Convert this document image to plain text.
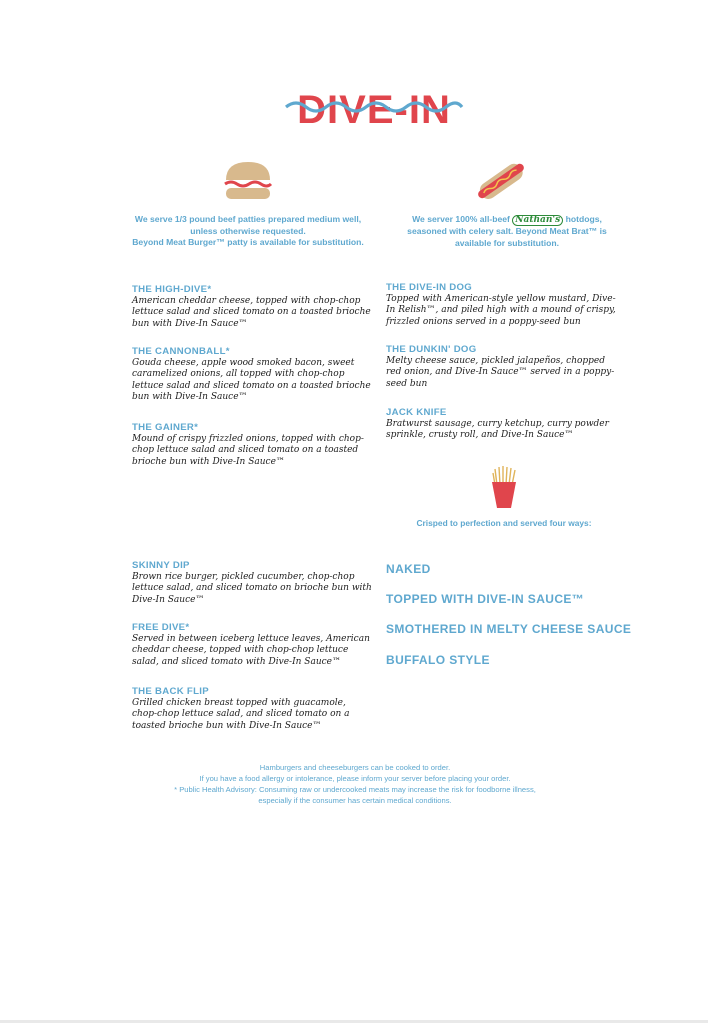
DIVE-IN
We serve 1/3 pound beef patties prepared medium well,
unless otherwise requested.
Beyond Meat Burger™ patty is available for substitution.
We server 100% all-beef Nathan's hotdogs,
seasoned with celery salt. Beyond Meat Brat™ is
available for substitution.

THE HIGH-DIVE*

American cheddar cheese, topped with chop-chop lettuce salad and sliced tomato on a toasted brioche bun with Dive-In Sauce™

THE CANNONBALL*

Gouda cheese, apple wood smoked bacon, sweet caramelized onions, all topped with chop-chop lettuce salad and sliced tomato on a toasted brioche bun with Dive-In Sauce™

THE GAINER*

Mound of crispy frizzled onions, topped with chop-chop lettuce salad and sliced tomato on a toasted brioche bun with Dive-In Sauce™

THE DIVE-IN DOG

Topped with American-style yellow mustard, Dive-In Relish™, and piled high with a mound of crispy, frizzled onions served in a poppy-seed bun

THE DUNKIN' DOG

Melty cheese sauce, pickled jalapeños, chopped red onion, and Dive-In Sauce™ served in a poppy-seed bun

JACK KNIFE

Bratwurst sausage, curry ketchup, curry powder sprinkle, crusty roll, and Dive-In Sauce™

Crisped to perfection and served four ways:

SKINNY DIP

Brown rice burger, pickled cucumber, chop-chop lettuce salad, and sliced tomato on brioche bun with Dive-In Sauce™

FREE DIVE*

Served in between iceberg lettuce leaves, American cheddar cheese, topped with chop-chop lettuce salad, and sliced tomato with Dive-In Sauce™

THE BACK FLIP

Grilled chicken breast topped with guacamole, chop-chop lettuce salad, and sliced tomato on a toasted brioche bun with Dive-In Sauce™

NAKED
TOPPED WITH DIVE-IN SAUCE™
SMOTHERED IN MELTY CHEESE SAUCE
BUFFALO STYLE
Hamburgers and cheeseburgers can be cooked to order.
If you have a food allergy or intolerance, please inform your server before placing your order.
* Public Health Advisory: Consuming raw or undercooked meats may increase the risk for foodborne illness,
especially if the consumer has certain medical conditions.
